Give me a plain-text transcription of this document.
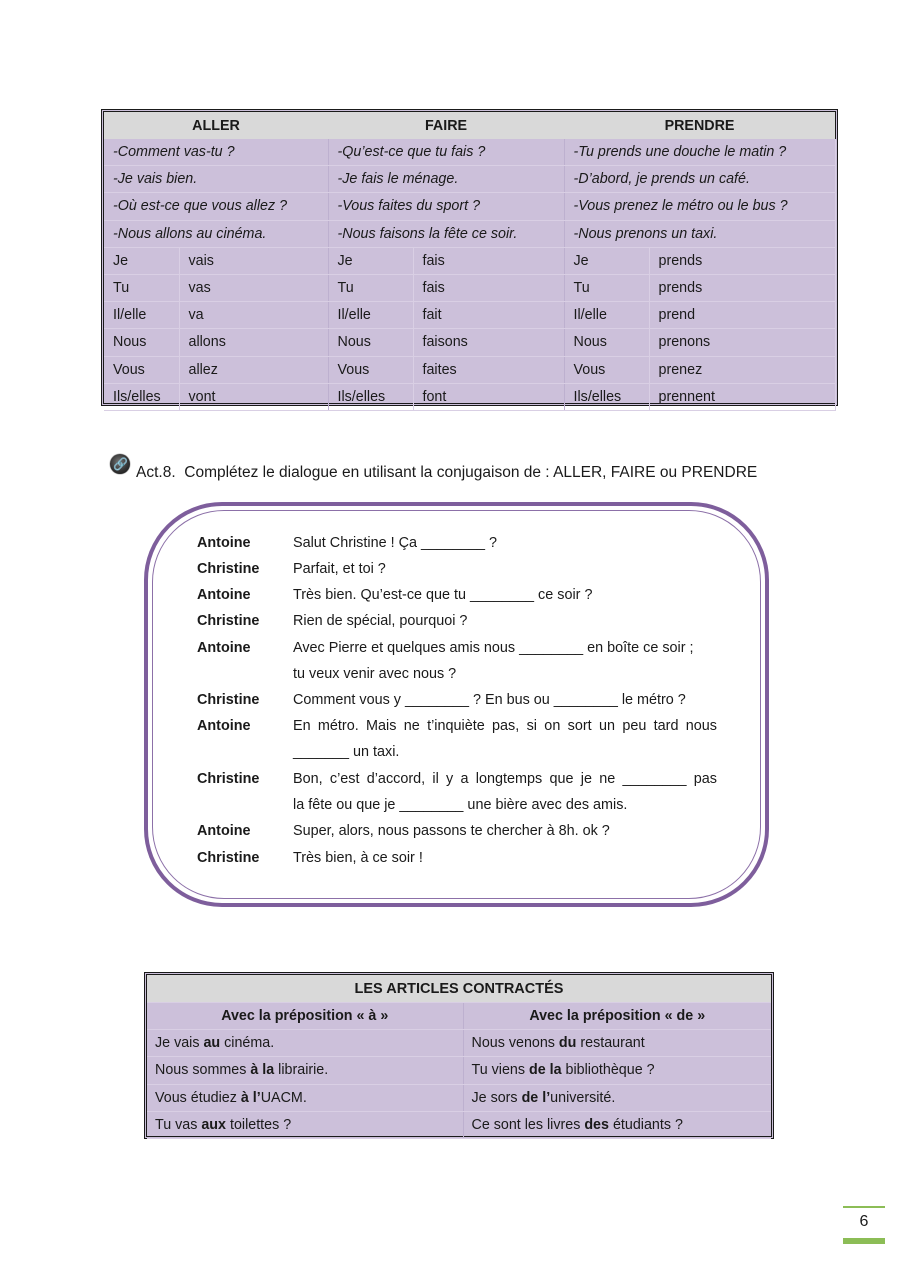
ALLER		FAIRE		PRENDRE	
-Comment vas-tu ?		-Qu’est-ce que tu fais ?		-Tu prends une douche le matin ?	
-Je vais bien.		-Je fais le ménage.		-D’abord, je prends un café.	
-Où est-ce que vous allez ?		-Vous faites du sport ?		-Vous prenez le métro ou le bus ?	
-Nous allons au cinéma.		-Nous faisons la fête ce soir.		-Nous prenons un taxi.	
Je	vais	Je	fais	Je	prends
Tu	vas	Tu	fais	Tu	prends
Il/elle	va	Il/elle	fait	Il/elle	prend
Nous	allons	Nous	faisons	Nous	prenons
Vous	allez	Vous	faites	Vous	prenez
Ils/elles	vont	Ils/elles	font	Ils/elles	prennent
🔗 Act.8. Complétez le dialogue en utilisant la conjugaison de : ALLER, FAIRE ou PRENDRE
Antoine	Salut Christine ! Ça ________ ?
Christine Parfait, et toi ?
Antoine	Très bien. Qu’est-ce que tu ________ ce soir ?
Christine Rien de spécial, pourquoi ?
Antoine	Avec Pierre et quelques amis nous ________ en boîte ce soir ;
tu veux venir avec nous ?
Christine Comment vous y ________ ? En bus ou ________ le métro ?
Antoine	En métro. Mais ne t’inquiète pas, si on sort un peu tard nous
_______ un taxi.
Christine Bon, c’est d’accord, il y a longtemps que je ne ________ pas
la fête ou que je ________ une bière avec des amis.
Antoine	Super, alors, nous passons te chercher à 8h. ok ?
Christine Très bien, à ce soir !
LES ARTICLES CONTRACTÉS	
Avec la préposition « à »	Avec la préposition « de »
Je vais au cinéma.	Nous venons du restaurant
Nous sommes à la librairie.	Tu viens de la bibliothèque ?
Vous étudiez à l’UACM.	Je sors de l’université.
Tu vas aux toilettes ?	Ce sont les livres des étudiants ?
6
